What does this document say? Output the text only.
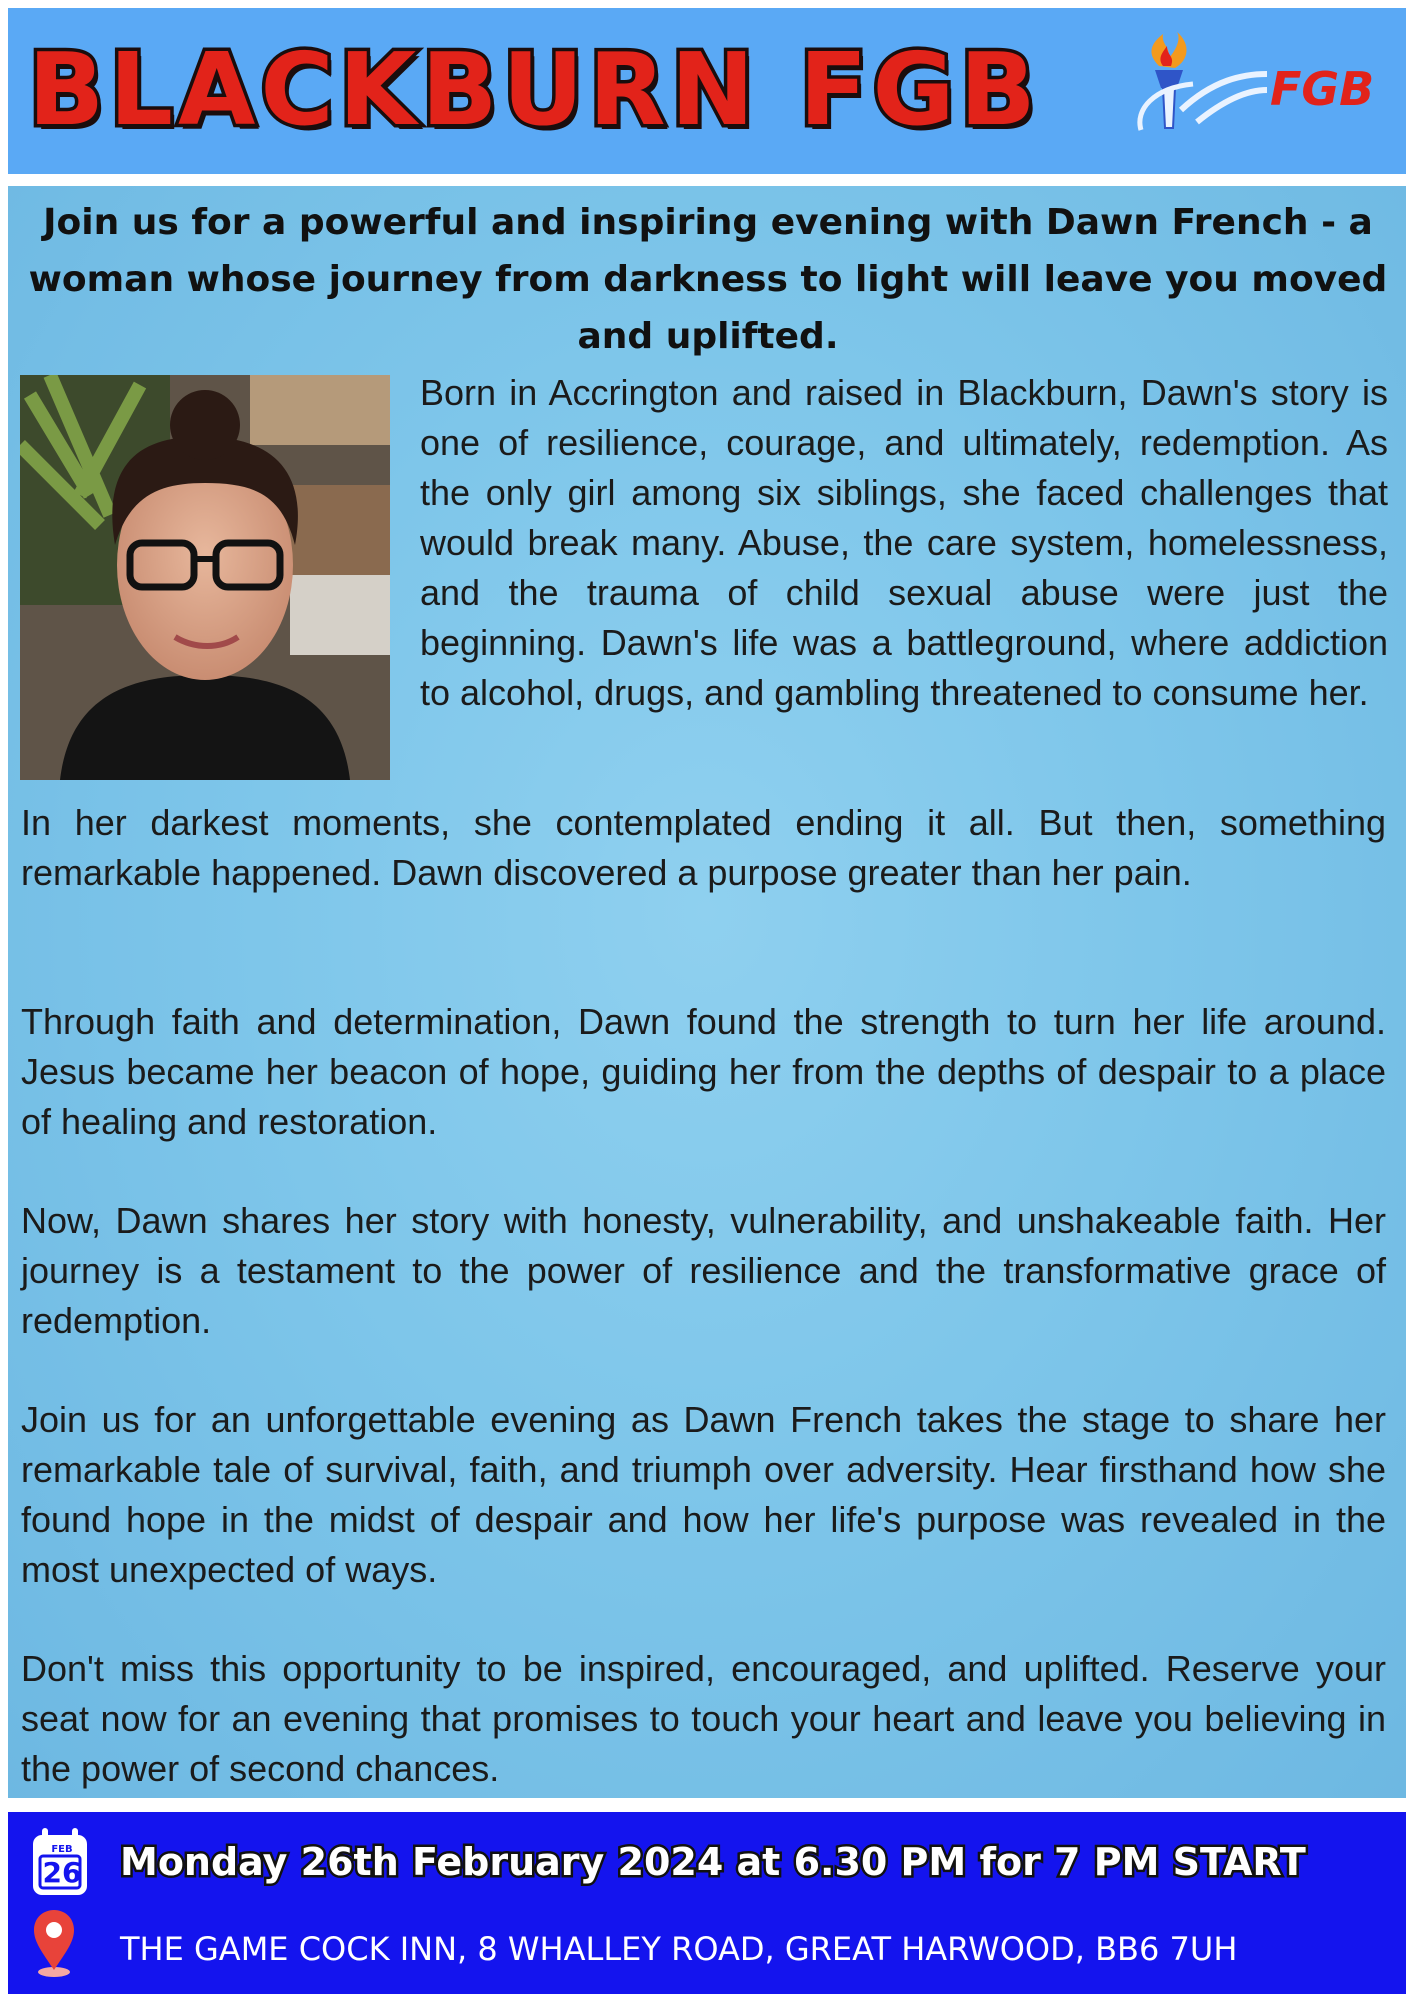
BLACKBURN FGB	FGB

Join us for a powerful and inspiring evening with Dawn French - a woman whose journey from darkness to light will leave you moved and uplifted.

Born in Accrington and raised in Blackburn, Dawn's story is one of resilience, courage, and ultimately, redemption. As the only girl among six siblings, she faced challenges that would break many. Abuse, the care system, homelessness, and the trauma of child sexual abuse were just the beginning. Dawn's life was a battleground, where addiction to alcohol, drugs, and gambling threatened to consume her.

In her darkest moments, she contemplated ending it all. But then, something remarkable happened. Dawn discovered a purpose greater than her pain.

Through faith and determination, Dawn found the strength to turn her life around. Jesus became her beacon of hope, guiding her from the depths of despair to a place of healing and restoration.

Now, Dawn shares her story with honesty, vulnerability, and unshakeable faith. Her journey is a testament to the power of resilience and the transformative grace of redemption.

Join us for an unforgettable evening as Dawn French takes the stage to share her remarkable tale of survival, faith, and triumph over adversity. Hear firsthand how she found hope in the midst of despair and how her life's purpose was revealed in the most unexpected of ways.

Don't miss this opportunity to be inspired, encouraged, and uplifted. Reserve your seat now for an evening that promises to touch your heart and leave you believing in the power of second chances.

FEB
26 Monday 26th February 2024 at 6.30 PM for 7 PM START
THE GAME COCK INN, 8 WHALLEY ROAD, GREAT HARWOOD, BB6 7UH
